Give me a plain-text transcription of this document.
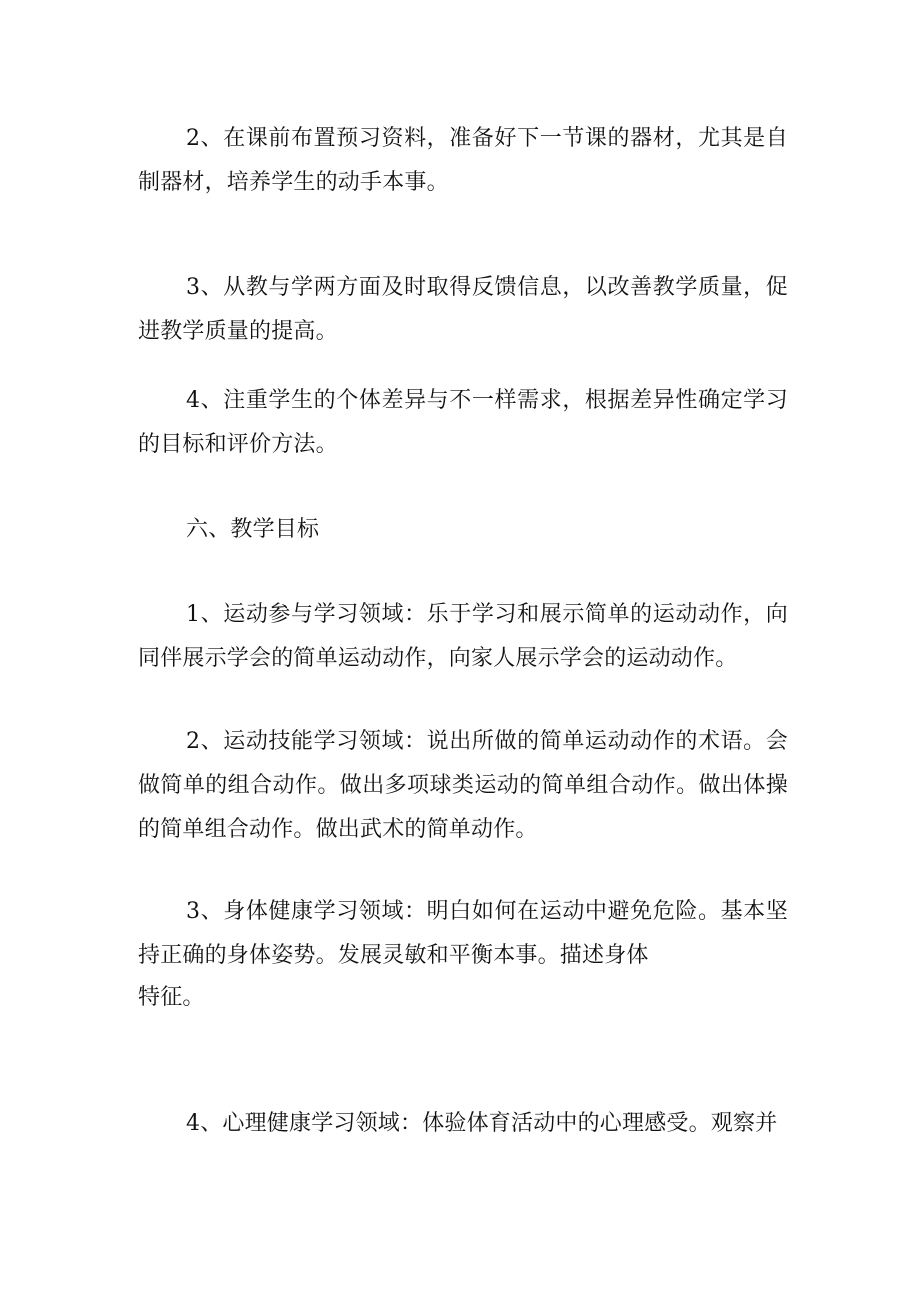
2、在课前布置预习资料，准备好下一节课的器材，尤其是自制器材，培养学生的动手本事。

3、从教与学两方面及时取得反馈信息，以改善教学质量，促进教学质量的提高。

4、注重学生的个体差异与不一样需求，根据差异性确定学习的目标和评价方法。

六、教学目标

1、运动参与学习领域：乐于学习和展示简单的运动动作，向同伴展示学会的简单运动动作，向家人展示学会的运动动作。

2、运动技能学习领域：说出所做的简单运动动作的术语。会做简单的组合动作。做出多项球类运动的简单组合动作。做出体操的简单组合动作。做出武术的简单动作。

3、身体健康学习领域：明白如何在运动中避免危险。基本坚持正确的身体姿势。发展灵敏和平衡本事。描述身体

特征。

4、心理健康学习领域：体验体育活动中的心理感受。观察并
